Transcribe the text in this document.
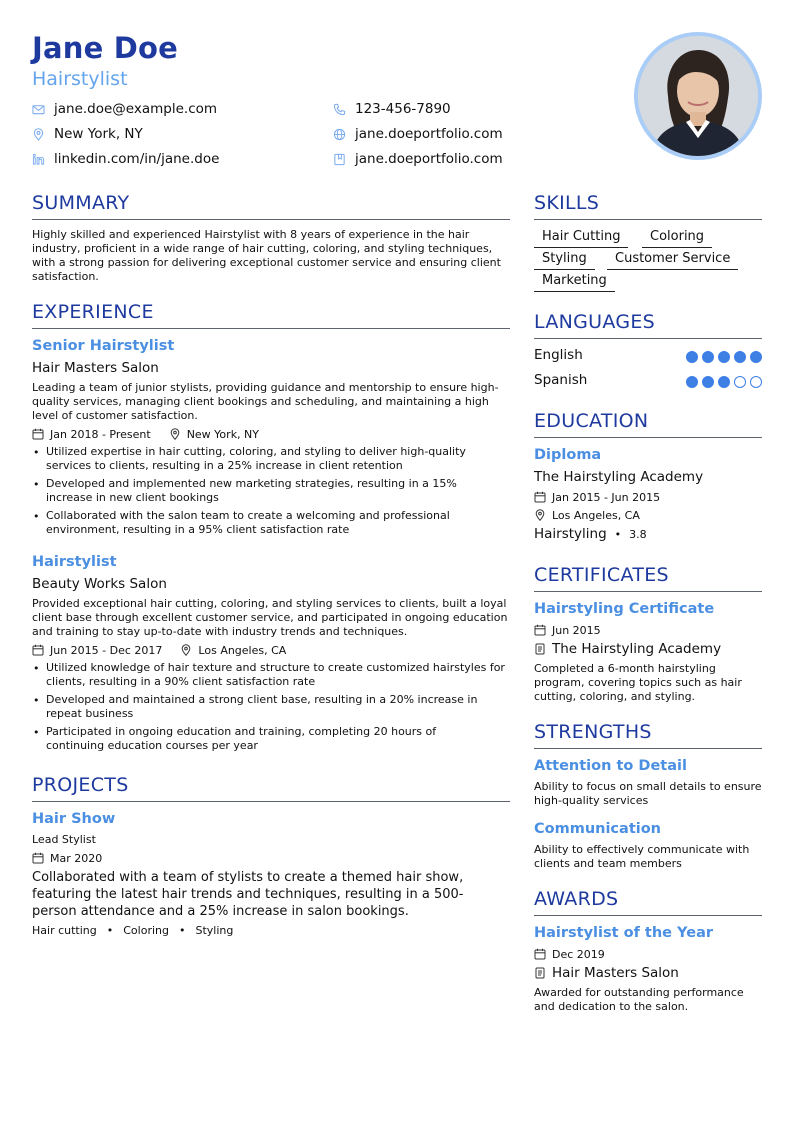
Jane Doe
Hairstylist
jane.doe@example.com	123-456-7890
New York, NY	jane.doeportfolio.com
linkedin.com/in/jane.doe	jane.doeportfolio.com
SUMMARY
Highly skilled and experienced Hairstylist with 8 years of experience in the hair industry, proficient in a wide range of hair cutting, coloring, and styling techniques, with a strong passion for delivering exceptional customer service and ensuring client satisfaction.
EXPERIENCE
Senior Hairstylist
Hair Masters Salon
Leading a team of junior stylists, providing guidance and mentorship to ensure high-quality services, managing client bookings and scheduling, and maintaining a high level of customer satisfaction.
Jan 2018 - Present	New York, NY
• Utilized expertise in hair cutting, coloring, and styling to deliver high-quality services to clients, resulting in a 25% increase in client retention
• Developed and implemented new marketing strategies, resulting in a 15% increase in new client bookings
• Collaborated with the salon team to create a welcoming and professional environment, resulting in a 95% client satisfaction rate
Hairstylist
Beauty Works Salon
Provided exceptional hair cutting, coloring, and styling services to clients, built a loyal client base through excellent customer service, and participated in ongoing education and training to stay up-to-date with industry trends and techniques.
Jun 2015 - Dec 2017	Los Angeles, CA
• Utilized knowledge of hair texture and structure to create customized hairstyles for clients, resulting in a 90% client satisfaction rate
• Developed and maintained a strong client base, resulting in a 20% increase in repeat business
• Participated in ongoing education and training, completing 20 hours of continuing education courses per year
PROJECTS
Hair Show
Lead Stylist
Mar 2020
Collaborated with a team of stylists to create a themed hair show, featuring the latest hair trends and techniques, resulting in a 500-person attendance and a 25% increase in salon bookings.
Hair cutting • Coloring • Styling
SKILLS
Hair Cutting	Coloring
Styling	Customer Service
Marketing
LANGUAGES
English
Spanish
EDUCATION
Diploma
The Hairstyling Academy
Jan 2015 - Jun 2015
Los Angeles, CA
Hairstyling • 3.8
CERTIFICATES
Hairstyling Certificate
Jun 2015
The Hairstyling Academy
Completed a 6-month hairstyling program, covering topics such as hair cutting, coloring, and styling.
STRENGTHS
Attention to Detail
Ability to focus on small details to ensure high-quality services
Communication
Ability to effectively communicate with clients and team members
AWARDS
Hairstylist of the Year
Dec 2019
Hair Masters Salon
Awarded for outstanding performance and dedication to the salon.
